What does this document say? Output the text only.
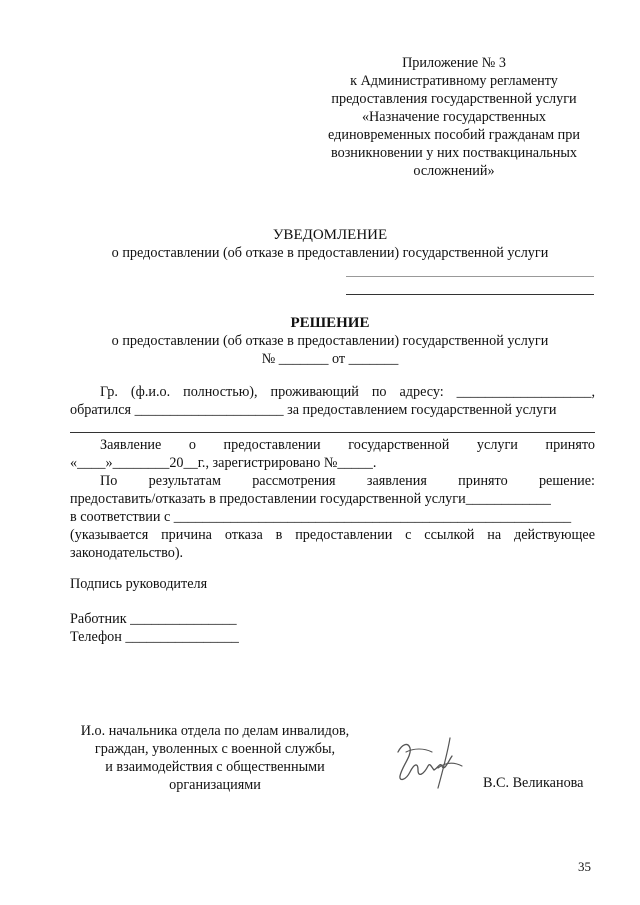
Приложение № 3
к Административному регламенту
предоставления государственной услуги
«Назначение государственных
единовременных пособий гражданам при
возникновении у них поствакцинальных
осложнений»
УВЕДОМЛЕНИЕ
о предоставлении (об отказе в предоставлении) государственной услуги
РЕШЕНИЕ
о предоставлении (об отказе в предоставлении) государственной услуги
№ _______ от _______
Гр. (ф.и.о. полностью), проживающий по адресу: ___________________,
обратился _____________________ за предоставлением государственной услуги
Заявление о предоставлении государственной услуги принято
«____»________20__г., зарегистрировано №_____.
По результатам рассмотрения заявления принято решение:
предоставить/отказать в предоставлении государственной услуги____________
в соответствии с ________________________________________________________
(указывается причина отказа в предоставлении с ссылкой на действующее
законодательство).
Подпись руководителя
Работник _______________
Телефон ________________
И.о. начальника отдела по делам инвалидов,
граждан, уволенных с военной службы,
и взаимодействия с общественными
организациями	В.С. Великанова
35
